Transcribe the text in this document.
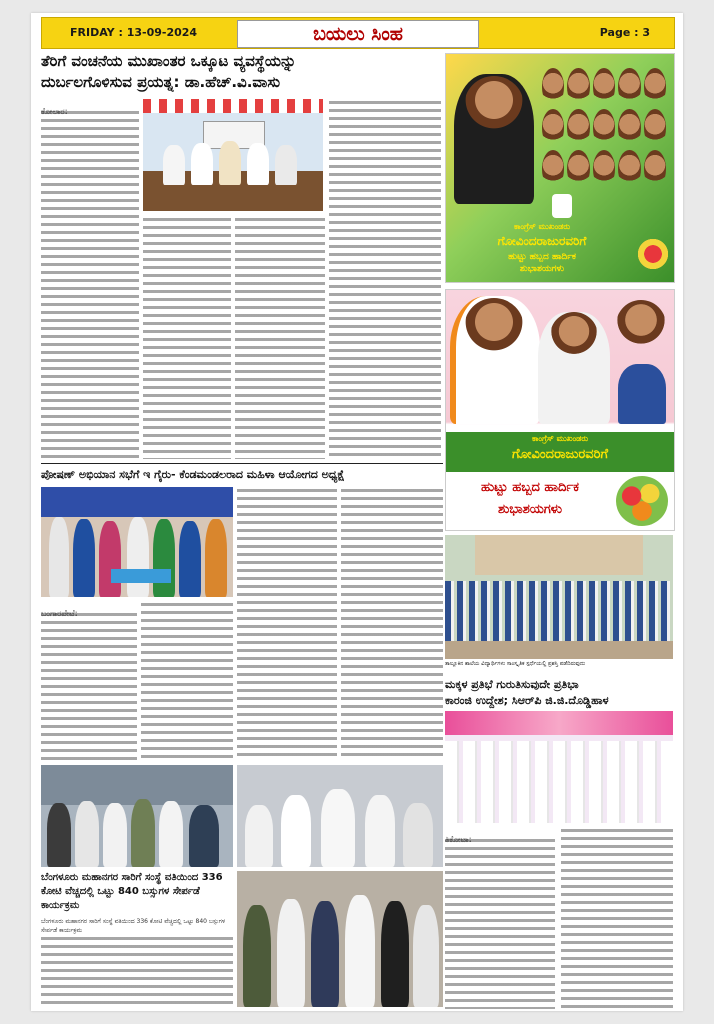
FRIDAY : 13-09-2024	ಬಯಲು ಸಿಂಹ	Page : 3
ತೆರಿಗೆ ವಂಚನೆಯ ಮುಖಾಂತರ ಒಕ್ಕೂಟ ವ್ಯವಸ್ಥೆಯನ್ನು
ದುರ್ಬಲಗೊಳಿಸುವ ಪ್ರಯತ್ನ: ಡಾ.ಹೆಚ್.ವಿ.ವಾಸು
ಪೋಷಣ್ ಅಭಿಯಾನ ಸಭೆಗೆ ಇ ಗೈರು- ಕೆಂಡಮಂಡಲರಾದ ಮಹಿಳಾ ಆಯೋಗದ ಅಧ್ಯಕ್ಷೆ
ಬೆಂಗಳೂರು ಮಹಾನಗರ ಸಾರಿಗೆ ಸಂಸ್ಥೆ ವತಿಯಿಂದ 336 ಕೋಟಿ ವೆಚ್ಚದಲ್ಲಿ ಒಟ್ಟು 840 ಬಸ್ಸುಗಳ ಸೇರ್ಪಡೆ ಕಾರ್ಯಕ್ರಮ
ಬೆಂಗಳೂರು ಮಹಾನಗರ ಸಾರಿಗೆ ಸಂಸ್ಥೆ ವತಿಯಿಂದ 336 ಕೋಟಿ ವೆಚ್ಚದಲ್ಲಿ ಒಟ್ಟು 840 ಬಸ್ಸುಗಳ ಸೇರ್ಪಡೆ ಕಾರ್ಯಕ್ರಮ
ಕಾಂಗ್ರೆಸ್ ಮುಖಂಡರು
ಗೋವಿಂದರಾಜುರವರಿಗೆ
ಹುಟ್ಟು ಹಬ್ಬದ ಹಾರ್ದಿಕ
ಶುಭಾಶಯಗಳು
ಕಾಂಗ್ರೆಸ್ ಮುಖಂಡರು
ಗೋವಿಂದರಾಜುರವರಿಗೆ
ಹುಟ್ಟು ಹಬ್ಬದ ಹಾರ್ದಿಕ
ಶುಭಾಶಯಗಳು
ತಾಲ್ಲೂಕಿನ ಶಾಲೆಯ ವಿದ್ಯಾರ್ಥಿಗಳು ಸಾಂಸ್ಕೃತಿಕ ಸ್ಪರ್ಧೆಯಲ್ಲಿ ಪ್ರಶಸ್ತಿ ಪಡೆದಿರುವುದು
ಮಕ್ಕಳ ಪ್ರತಿಭೆ ಗುರುತಿಸುವುದೇ ಪ್ರತಿಭಾ
ಕಾರಂಜಿ ಉದ್ದೇಶ; ಸಿಆರ್‌ಪಿ ಜಿ.ಜಿ.ದೊಡ್ಡಿಹಾಳ
